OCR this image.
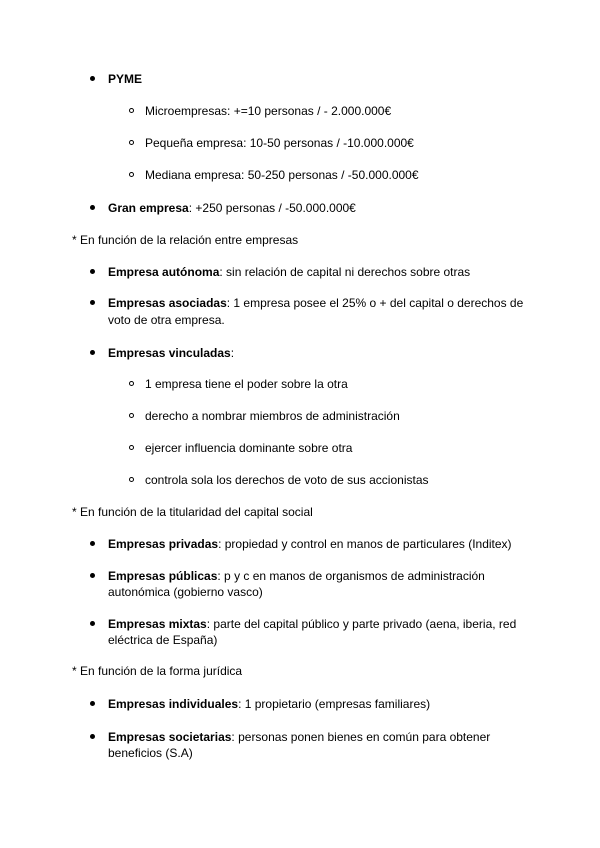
PYME
Microempresas: +=10 personas / - 2.000.000€
Pequeña empresa: 10-50 personas / -10.000.000€
Mediana empresa: 50-250 personas / -50.000.000€
Gran empresa: +250 personas / -50.000.000€
* En función de la relación entre empresas
Empresa autónoma: sin relación de capital ni derechos sobre otras
Empresas asociadas: 1 empresa posee el 25% o + del capital o derechos de
voto de otra empresa.
Empresas vinculadas:
1 empresa tiene el poder sobre la otra
derecho a nombrar miembros de administración
ejercer influencia dominante sobre otra
controla sola los derechos de voto de sus accionistas
* En función de la titularidad del capital social
Empresas privadas: propiedad y control en manos de particulares (Inditex)
Empresas públicas: p y c en manos de organismos de administración
autonómica (gobierno vasco)
Empresas mixtas: parte del capital público y parte privado (aena, iberia, red
eléctrica de España)
* En función de la forma jurídica
Empresas individuales: 1 propietario (empresas familiares)
Empresas societarias: personas ponen bienes en común para obtener
beneficios (S.A)
